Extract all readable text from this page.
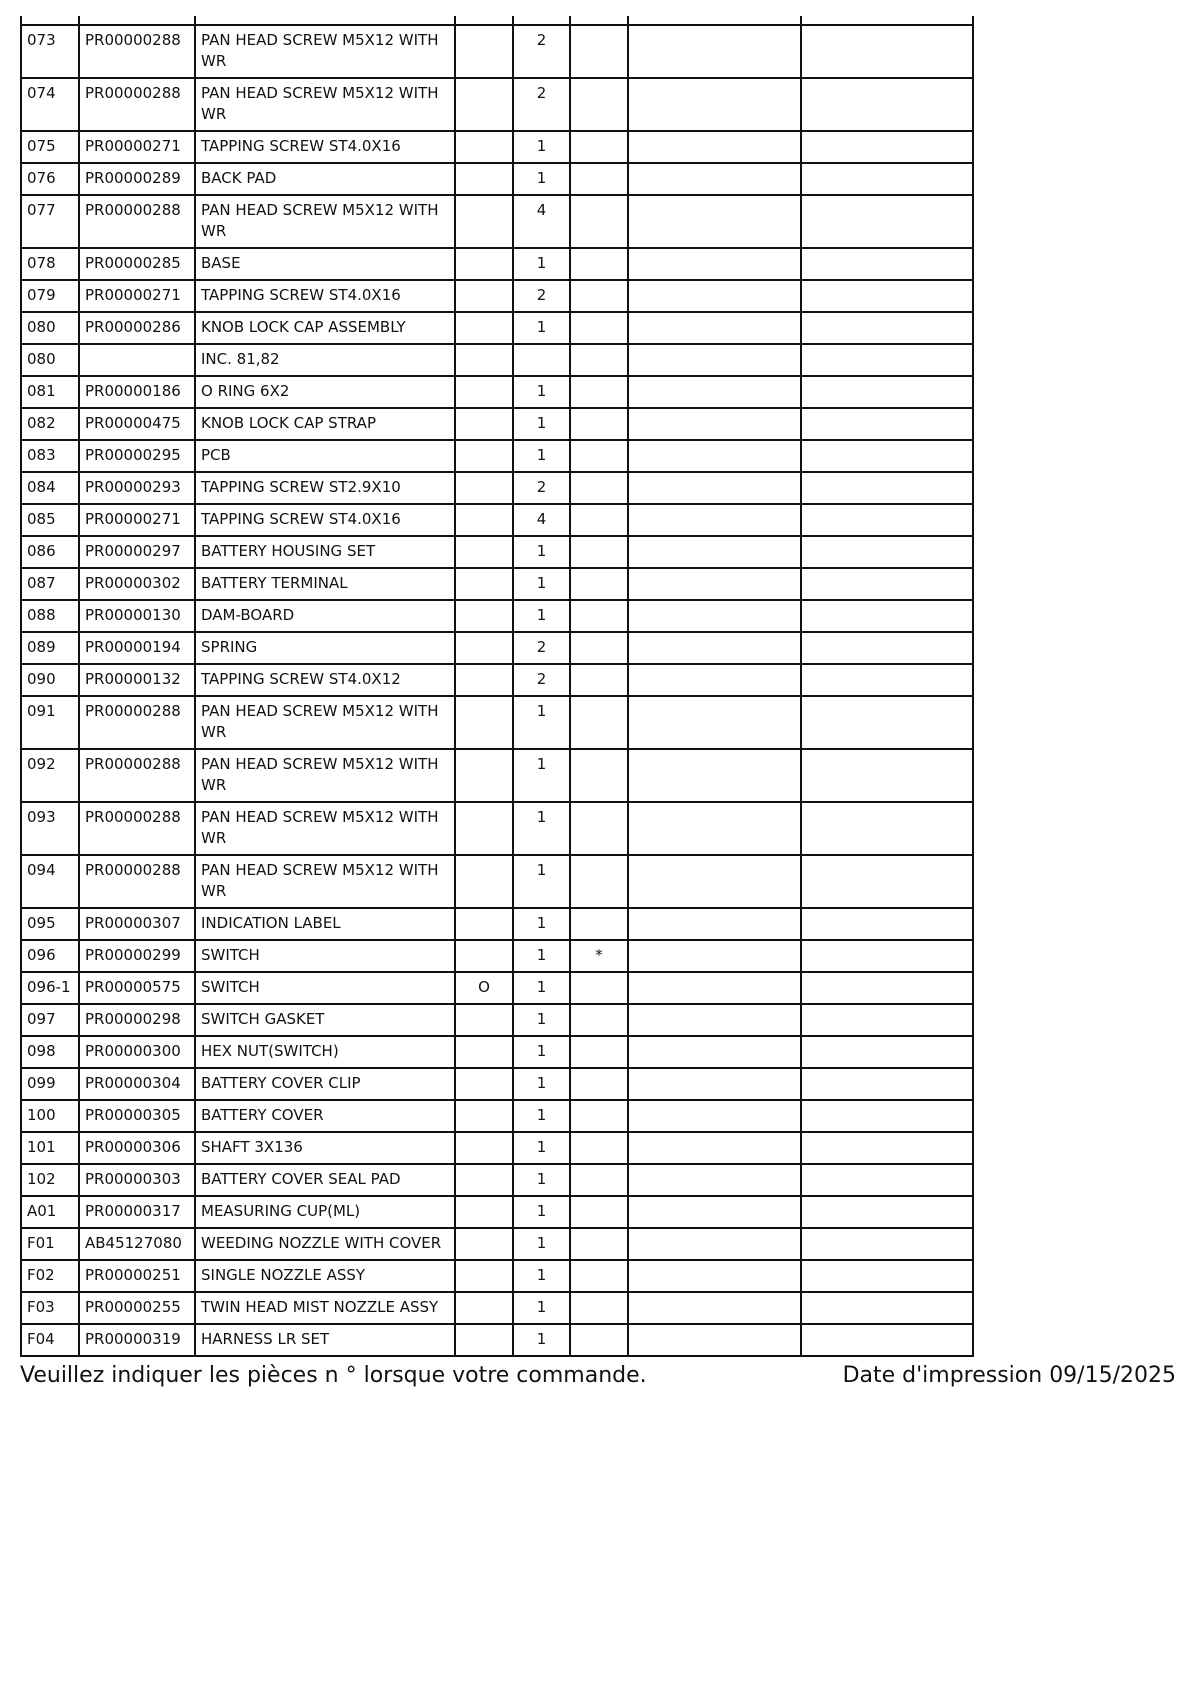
073	PR00000288	PAN HEAD SCREW M5X12 WITH WR		2			
074	PR00000288	PAN HEAD SCREW M5X12 WITH WR		2			
075	PR00000271	TAPPING SCREW ST4.0X16		1			
076	PR00000289	BACK PAD		1			
077	PR00000288	PAN HEAD SCREW M5X12 WITH WR		4			
078	PR00000285	BASE		1			
079	PR00000271	TAPPING SCREW ST4.0X16		2			
080	PR00000286	KNOB LOCK CAP ASSEMBLY		1			
080		INC. 81,82					
081	PR00000186	O RING 6X2		1			
082	PR00000475	KNOB LOCK CAP STRAP		1			
083	PR00000295	PCB		1			
084	PR00000293	TAPPING SCREW ST2.9X10		2			
085	PR00000271	TAPPING SCREW ST4.0X16		4			
086	PR00000297	BATTERY HOUSING SET		1			
087	PR00000302	BATTERY TERMINAL		1			
088	PR00000130	DAM-BOARD		1			
089	PR00000194	SPRING		2			
090	PR00000132	TAPPING SCREW ST4.0X12		2			
091	PR00000288	PAN HEAD SCREW M5X12 WITH WR		1			
092	PR00000288	PAN HEAD SCREW M5X12 WITH WR		1			
093	PR00000288	PAN HEAD SCREW M5X12 WITH WR		1			
094	PR00000288	PAN HEAD SCREW M5X12 WITH WR		1			
095	PR00000307	INDICATION LABEL		1			
096	PR00000299	SWITCH		1	*		
096-1	PR00000575	SWITCH	O	1			
097	PR00000298	SWITCH GASKET		1			
098	PR00000300	HEX NUT(SWITCH)		1			
099	PR00000304	BATTERY COVER CLIP		1			
100	PR00000305	BATTERY COVER		1			
101	PR00000306	SHAFT 3X136		1			
102	PR00000303	BATTERY COVER SEAL PAD		1			
A01	PR00000317	MEASURING CUP(ML)		1			
F01	AB45127080	WEEDING NOZZLE WITH COVER		1			
F02	PR00000251	SINGLE NOZZLE ASSY		1			
F03	PR00000255	TWIN HEAD MIST NOZZLE ASSY		1			
F04	PR00000319	HARNESS LR SET		1			
Veuillez indiquer les pièces n ° lorsque votre commande.	Date d'impression 09/15/2025
